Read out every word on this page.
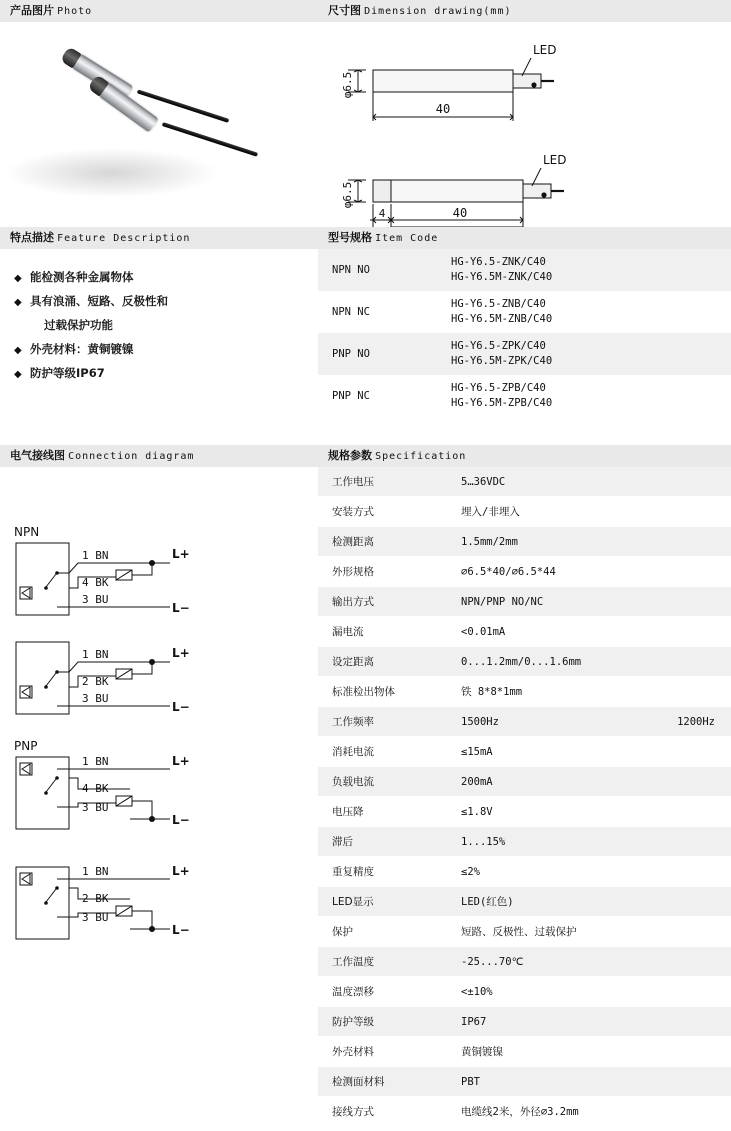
产品图片 Photo	尺寸图 Dimension drawing(mm)
φ6.5
40
LED
φ6.5
4	40
LED
特点描述 Feature Description	型号规格 Item Code
◆ 能检测各种金属物体
◆ 具有浪涌、短路、反极性和
过载保护功能
◆ 外壳材料：黄铜镀镍
◆ 防护等级IP67
NPN NO	HG-Y6.5-ZNK/C40
HG-Y6.5M-ZNK/C40

NPN NC	HG-Y6.5-ZNB/C40
HG-Y6.5M-ZNB/C40

PNP NO	HG-Y6.5-ZPK/C40
HG-Y6.5M-ZPK/C40

PNP NC	HG-Y6.5-ZPB/C40
HG-Y6.5M-ZPB/C40
电气接线图 Connection diagram	规格参数 Specification
NPN
PNP
1 BN
4 BK
3 BU
L+
L−
1 BN
2 BK
3 BU
L+
L−
1 BN
4 BK
3 BU
L+
L−
1 BN
2 BK
3 BU
L+
L−
工作电压	5…36VDC
安装方式	埋入/非埋入
检测距离	1.5mm/2mm
外形规格	∅6.5*40/∅6.5*44
输出方式	NPN/PNP NO/NC
漏电流	<0.01mA
设定距离	0...1.2mm/0...1.6mm
标准检出物体	铁 8*8*1mm
工作频率	1500Hz 1200Hz

消耗电流	≤15mA
负载电流	200mA
电压降	≤1.8V
滞后	1...15%
重复精度	≤2%
LED显示	LED(红色)
保护	短路、反极性、过载保护
工作温度	-25...70℃
温度漂移	<±10%
防护等级	IP67
外壳材料	黄铜镀镍
检测面材料	PBT
接线方式	电缆线2米，外径∅3.2mm
